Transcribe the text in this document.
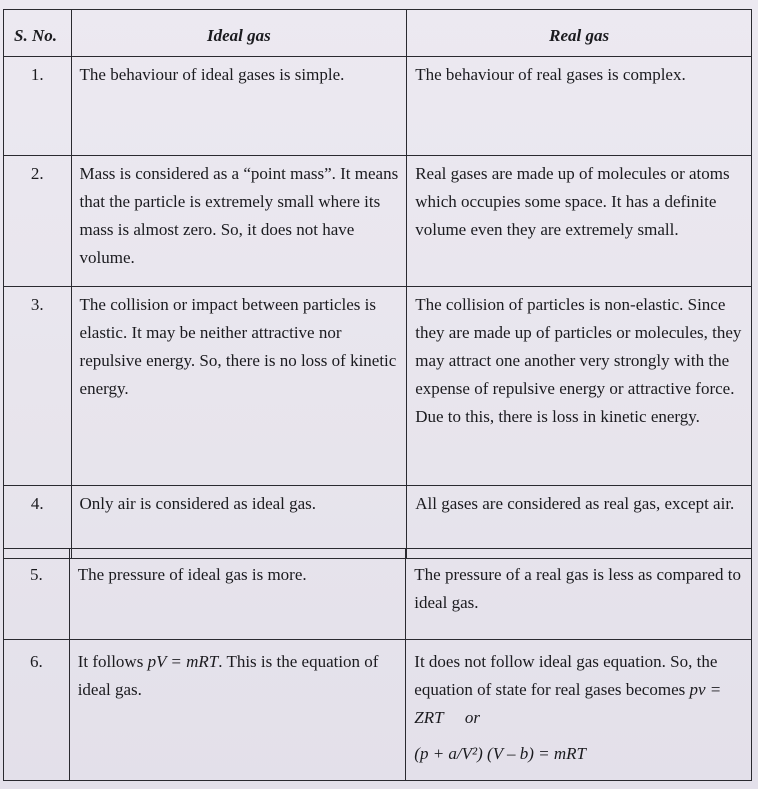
S. No.	Ideal gas	Real gas
1.	The behaviour of ideal gases is simple.	The behaviour of real gases is complex.
2.	Mass is considered as a “point mass”. It means that the particle is extremely small where its mass is almost zero. So, it does not have volume.	Real gases are made up of molecules or atoms which occupies some space. It has a definite volume even they are extremely small.
3.	The collision or impact between particles is elastic. It may be neither attractive nor repulsive energy. So, there is no loss of kinetic energy.	The collision of particles is non-elastic. Since they are made up of particles or molecules, they may attract one another very strongly with the expense of repulsive energy or attractive force. Due to this, there is loss in kinetic energy.
4.	Only air is considered as ideal gas.	All gases are considered as real gas, except air.
5.	The pressure of ideal gas is more.	The pressure of a real gas is less as compared to ideal gas.
6.	It follows pV = mRT. This is the equation of ideal gas.	It does not follow ideal gas equation. So, the equation of state for real gases becomes pv = ZRT or
(p + a/V²) (V – b) = mRT
